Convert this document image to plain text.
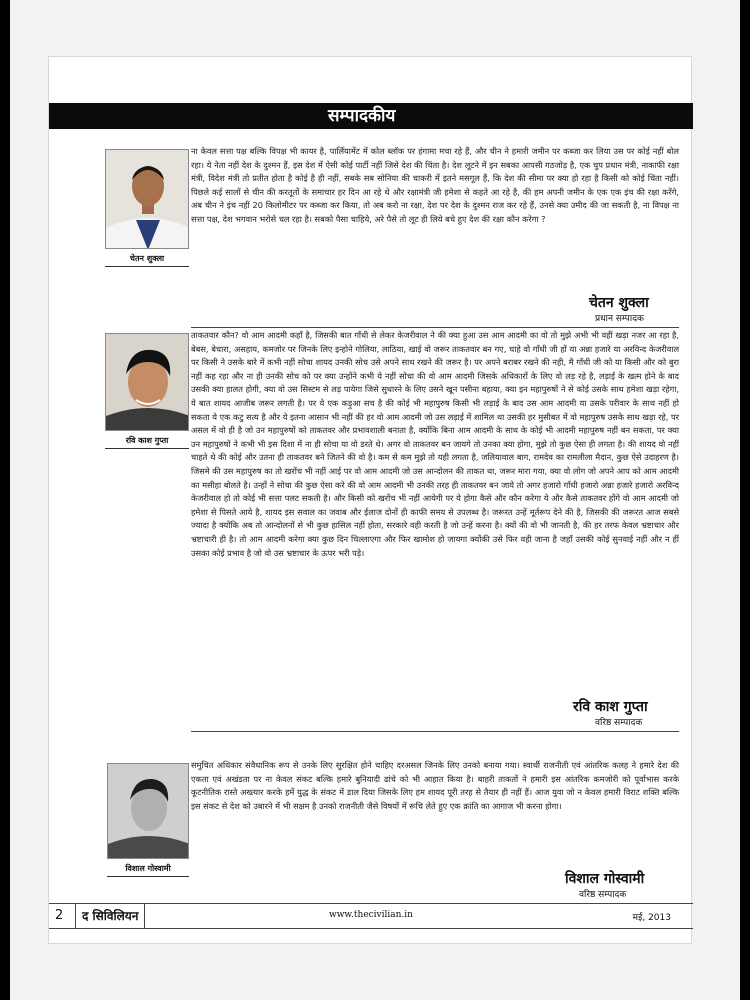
सम्पादकीय
चेतन शुक्ला
ना केवल सत्ता पक्ष बल्कि विपक्ष भी कायर है, पार्लियामेंट में कोल ब्लॉक पर हंगामा मचा रहे हैं, और चीन ने हमारी जमीन पर कब्जा कर लिया उस पर कोई नहीं बोल रहा। ये नेता नहीं देश के दुश्मन हैं, इस देश में ऐसी कोई पार्टी नहीं जिसे देश की चिंता है। देश लूटने में इन सबका आपसी गठजोड़ है, एक चुप प्रधान मंत्री, नाकाफी रक्षा मंत्री, विदेश मंत्री तो प्रतीत होता है कोई है ही नहीं, सबके सब सोनिया की चाकरी में इतने मसगूल हैं, कि देश की सीमा पर क्या हो रहा है किसी को कोई चिंता नहीं। पिछले कई सालों से चीन की करतूतों के समाचार हर दिन आ रहे थे और रक्षामंत्री जी हमेशा से कहते आ रहे है, की हम अपनी जमीन के एक एक इंच की रक्षा करेंगे, अब चीन ने इंच नहीं 20 किलोमीटर पर कब्जा कर किया, तो अब करो ना रक्षा, देश पर देश के दुश्मन राज कर रहे हैं, उनसे क्या उमीद की जा सकती है, ना विपक्ष ना सत्ता पक्ष, देश भगवान भरोसे चल रहा है। सबको पैसा चाहिये, अरे पैसे तो लूट ही लिये बचे हुए देश की रक्षा कौन करेगा ?
चेतन शुक्ला
प्रधान सम्पादक
रवि काश गुप्ता
ताकतवार कौन? वो आम आदमी कहाँ है, जिसकी बात गाँधी से लेकर केजरीवाल ने की क्या हुआ उस आम आदमी का वो तो मुझे अभी भी वहीं खड़ा नजर आ रहा है, बेबस, बेचारा, असहाय, कमजोर पर जिनके लिए इन्होने गोलिया, लाठिया, खाई वो जरूर ताकतवार बन गए, चाहे वो गाँधी जी हों या अन्ना हजारे या अरविन्द केजरीवाल पर किसी ने उसके बारे में कभी नहीं सोचा शायद उनकी सोच उसे अपने साथ रखने की जरूर है। पर अपने बराबर रखने की नही, मै गाँधी जी को या किसी और को बुरा नहीं कह रहा और ना ही उनकी सोच को पर क्या उन्होंने कभी ये नहीं सोचा की वो आम आदमी जिसके अधिकारों के लिए वो लड़ रहे है, लड़ाई के खत्म होने के बाद उसकी क्या हालत होगी, क्या वो उस सिस्टम से लड़ पायेगा जिसे सुधारने के लिए उसने खून पसीना बहाया, क्या इन महापुरुषों ने से कोई उसके साथ हमेशा खड़ा रहेगा, ये बात शायद आजीब जरूर लगती है। पर ये एक कड़ुआ सच है की कोई भी महापुरुष किसी भी लड़ाई के बाद उस आम आदमी या उसके परीवार के साथ नहीं हो सकता ये एक कटु सत्य है और ये इतना आसान भी नहीं की हर वो आम आदमी जो उस लड़ाई में शामिल था उसकी हर मुसीबत में वो महापुरुष उसके साथ खड़ा रहे, पर असल में वो ही है जो उन महापुरुषों को ताकतवर और प्रभावशाली बनाता है, क्योंकि बिना आम आदमी के साथ के कोई भी आदमी महापुरुष नहीं बन सकता, पर क्या उन महापुरुषों ने कभी भी इस दिशा में ना ही सोचा या वो डरते थे। अगर वो ताकतवर बन जायगे तो उनका क्या होगा, मुझे तो कुछ ऐसा ही लगता है। की शायद वो नहीं चाहते थे की कोई और उतना ही ताकतवर बने जितने की वो है। कम से कम मुझे तो यही लगता है, जलियावाल बाग, रामदेव का रामलीला मैदान, कुछ ऐसे उदाहरण है। जिसमे की उस महापुरुष का तो खरोंच भी नहीं आई पर वो आम आदमी जो उस आन्दोलन की ताकत था, जरूर मारा गया, क्या वो लोग जो अपने आप को आम आदमी का मसीहा बोलते है। उन्हों ने सोचा की कुछ ऐसा करे की वो आम आदमी भी उनकी तरह ही ताकतवर बन जाये तो अगर हजारो गाँधी हजारो अन्ना हजारे हजारो अरविन्द केजरीवाल हो तो कोई भी सत्ता पलट सकती है। और किसी को खरोंच भी नहीं आयेगी पर ये होगा कैसे और कौन करेगा ये और कैसे ताकतवर होंगे वो आम आदमी जो हमेशा से पिसते आये है, शायद इस सवाल का जवाब और ईलाज दोनों ही काफी समय से उपलब्ध है। जरूरत उन्हें मूर्तरूप देने की है, जिसकी की जरूरत आज सबसे ज्यादा है क्योंकि अब तो आन्दोलनों से भी कुछ हासिल नहीं होता, सरकारे वही करती है जो उन्हें करना है। क्यों की वो भी जानती है, की हर तरफ केवल भ्रष्टाचार और भ्रष्टाचारी ही है। तो आम आदमी करेगा क्या कुछ दिन चिल्लाएगा और फिर खामोश हो जायगा क्योंकी उसे फिर वही जाना है जहाँ उसकी कोई सुनवाई नहीं और न हीं उसका कोई प्रभाव है जो वो उस भ्रष्टाचार के ऊपर भरी पड़े।
रवि काश गुप्ता
वरिष्ठ सम्पादक
विशाल गोस्वामी
समुचित अधिकार संवैधानिक रूप से उनके लिए सुरक्षित होने चाहिए दरअसल जिनके लिए उनको बनाया गया। स्वार्थी राजनीती एवं आंतरिक कलह ने हमारे देश की एकता एवं अखंडता पर ना केवल संकट बल्कि हमारे बुनियादी ढांचे को भी आहात किया है। बाहरी ताकतों ने हमारी इस आंतरिक कमजोरी को पूर्वाभास करके कूटनीतिक रास्ते अख्त्यार करके हमें युद्ध के संकट में डाल दिया जिसके लिए हम शायद पूरी तरह से तैयार ही नहीं हैं। आज युवा जो न केवल हमारी विराट शक्ति बल्कि इस संकट से देश को उबारने में भी सक्षम है उनको राजनीती जैसे विषयों में रूचि लेते हुए एक क्रांति का आगाज भी करना होगा।
विशाल गोस्वामी
वरिष्ठ सम्पादक
2	द सिविलियन	www.thecivilian.in	मई, 2013
